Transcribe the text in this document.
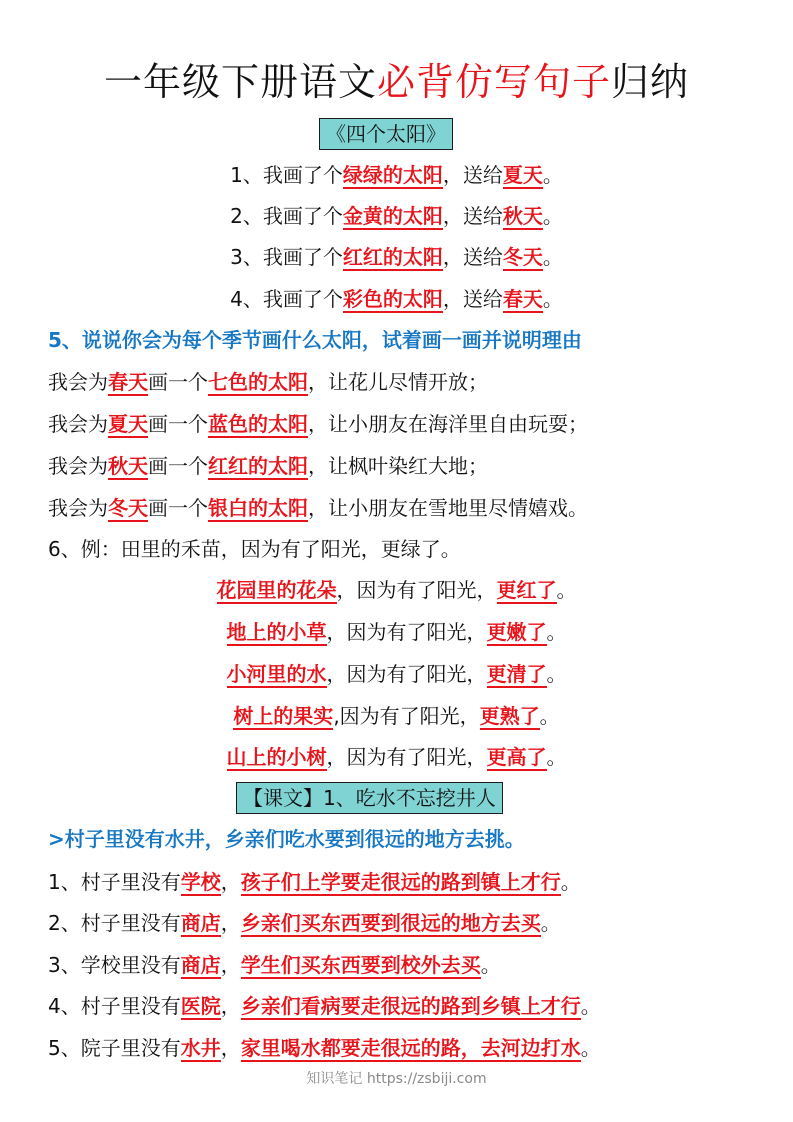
一年级下册语文必背仿写句子归纳
《四个太阳》
1、我画了个绿绿的太阳，送给夏天。
2、我画了个金黄的太阳，送给秋天。
3、我画了个红红的太阳，送给冬天。
4、我画了个彩色的太阳，送给春天。
5、说说你会为每个季节画什么太阳，试着画一画并说明理由
我会为春天画一个七色的太阳，让花儿尽情开放；
我会为夏天画一个蓝色的太阳，让小朋友在海洋里自由玩耍；
我会为秋天画一个红红的太阳，让枫叶染红大地；
我会为冬天画一个银白的太阳，让小朋友在雪地里尽情嬉戏。
6、例：田里的禾苗，因为有了阳光，更绿了。
花园里的花朵，因为有了阳光，更红了。
地上的小草，因为有了阳光，更嫩了。
小河里的水，因为有了阳光，更清了。
树上的果实,因为有了阳光，更熟了。
山上的小树，因为有了阳光，更高了。
【课文】1、吃水不忘挖井人
>村子里没有水井，乡亲们吃水要到很远的地方去挑。
1、村子里没有学校，孩子们上学要走很远的路到镇上才行。
2、村子里没有商店，乡亲们买东西要到很远的地方去买。
3、学校里没有商店，学生们买东西要到校外去买。
4、村子里没有医院，乡亲们看病要走很远的路到乡镇上才行。
5、院子里没有水井，家里喝水都要走很远的路，去河边打水。
知识笔记 https://zsbiji.com
